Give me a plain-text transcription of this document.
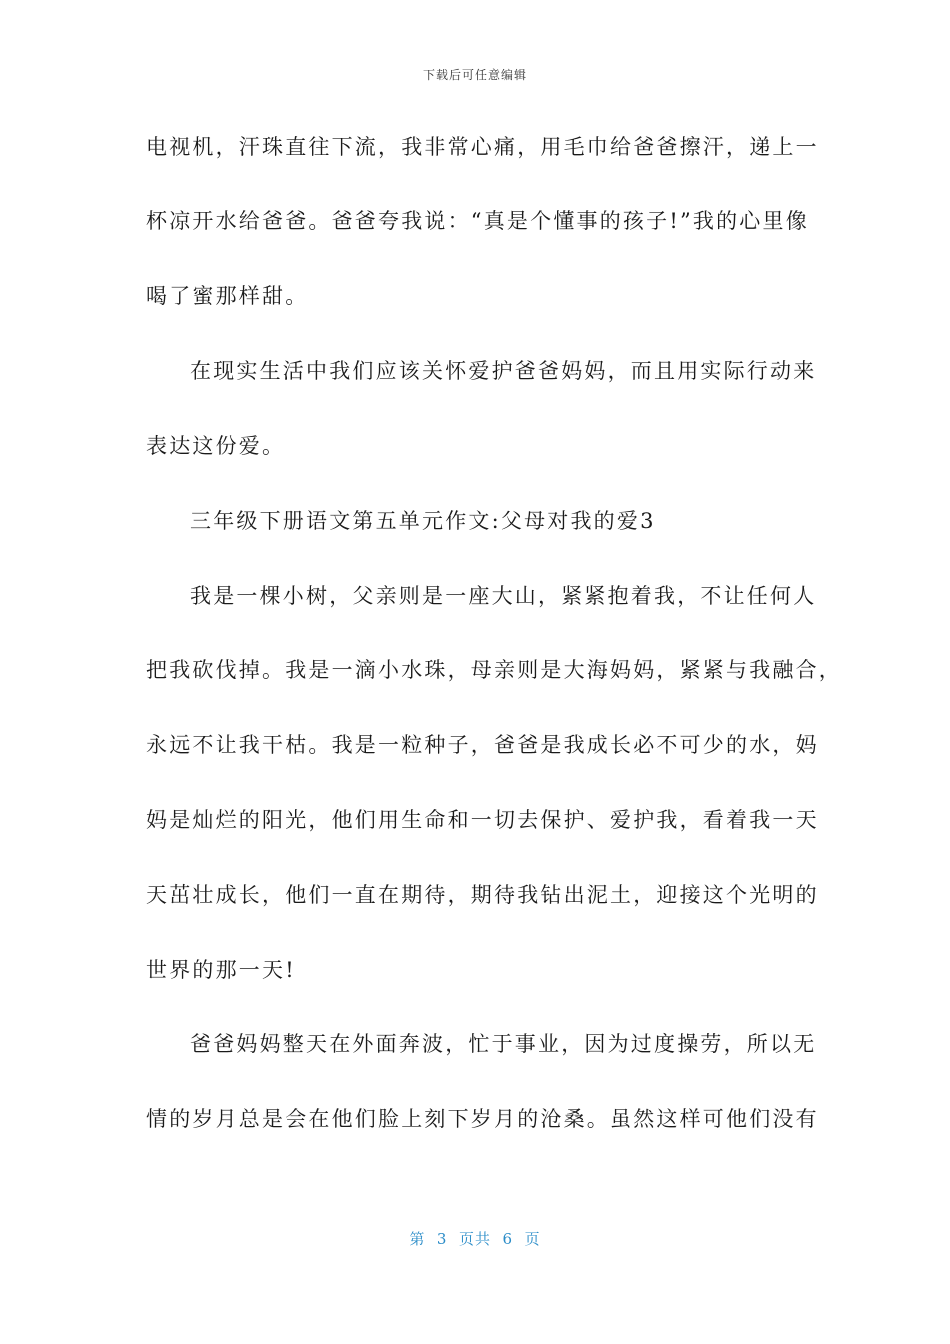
下载后可任意编辑
电视机，汗珠直往下流，我非常心痛，用毛巾给爸爸擦汗，递上一
杯凉开水给爸爸。爸爸夸我说：“真是个懂事的孩子!”我的心里像
喝了蜜那样甜。
在现实生活中我们应该关怀爱护爸爸妈妈，而且用实际行动来
表达这份爱。
三年级下册语文第五单元作文:父母对我的爱3
我是一棵小树，父亲则是一座大山，紧紧抱着我，不让任何人
把我砍伐掉。我是一滴小水珠，母亲则是大海妈妈，紧紧与我融合，
永远不让我干枯。我是一粒种子，爸爸是我成长必不可少的水，妈
妈是灿烂的阳光，他们用生命和一切去保护、爱护我，看着我一天
天茁壮成长，他们一直在期待，期待我钻出泥土，迎接这个光明的
世界的那一天!
爸爸妈妈整天在外面奔波，忙于事业，因为过度操劳，所以无
情的岁月总是会在他们脸上刻下岁月的沧桑。虽然这样可他们没有
第  3  页共  6  页
